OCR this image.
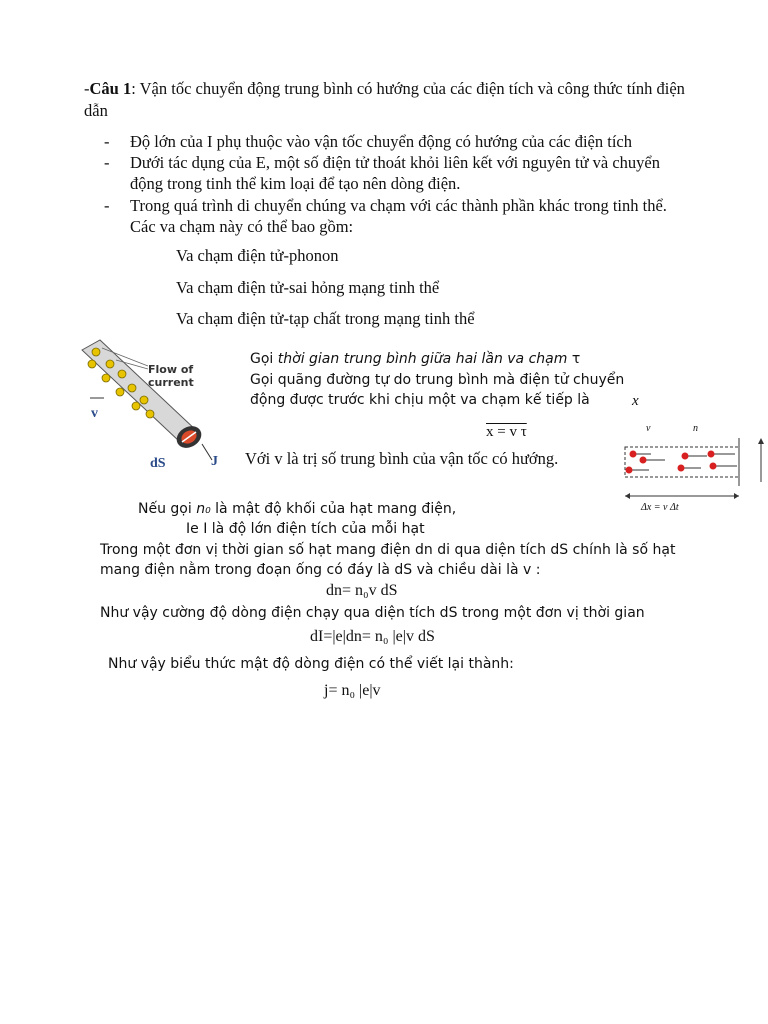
-Câu 1: Vận tốc chuyển động trung bình có hướng của các điện tích và công thức tính điện dẫn
- Độ lớn của I phụ thuộc vào vận tốc chuyển động có hướng của các điện tích
- Dưới tác dụng của E, một số điện tử thoát khỏi liên kết với nguyên tử và chuyển động trong tinh thể kim loại để tạo nên dòng điện.
- Trong quá trình di chuyển chúng va chạm với các thành phần khác trong tinh thể. Các va chạm này có thể bao gồm:
Va chạm điện tử-phonon
Va chạm điện tử-sai hỏng mạng tinh thể
Va chạm điện tử-tạp chất trong mạng tinh thể
Flow of current
v
dS	J
Gọi thời gian trung bình giữa hai lần va chạm τ
Gọi quãng đường tự do trung bình mà điện tử chuyển
động được trước khi chịu một va chạm kế tiếp là	x
x = v τ
Với v là trị số trung bình của vận tốc có hướng.
v	n
Δx = v Δt
Nếu gọi n₀ là mật độ khối của hạt mang điện,
Ie I là độ lớn điện tích của mỗi hạt
Trong một đơn vị thời gian số hạt mang điện dn di qua diện tích dS chính là số hạt
mang điện nằm trong đoạn ống có đáy là dS và chiều dài là v :
dn= n₀v dS
Như vậy cường độ dòng điện chạy qua diện tích dS trong một đơn vị thời gian
dI=|e|dn= n₀ |e|v dS
Như vậy biểu thức mật độ dòng điện có thể viết lại thành:
j= n₀ |e|v
